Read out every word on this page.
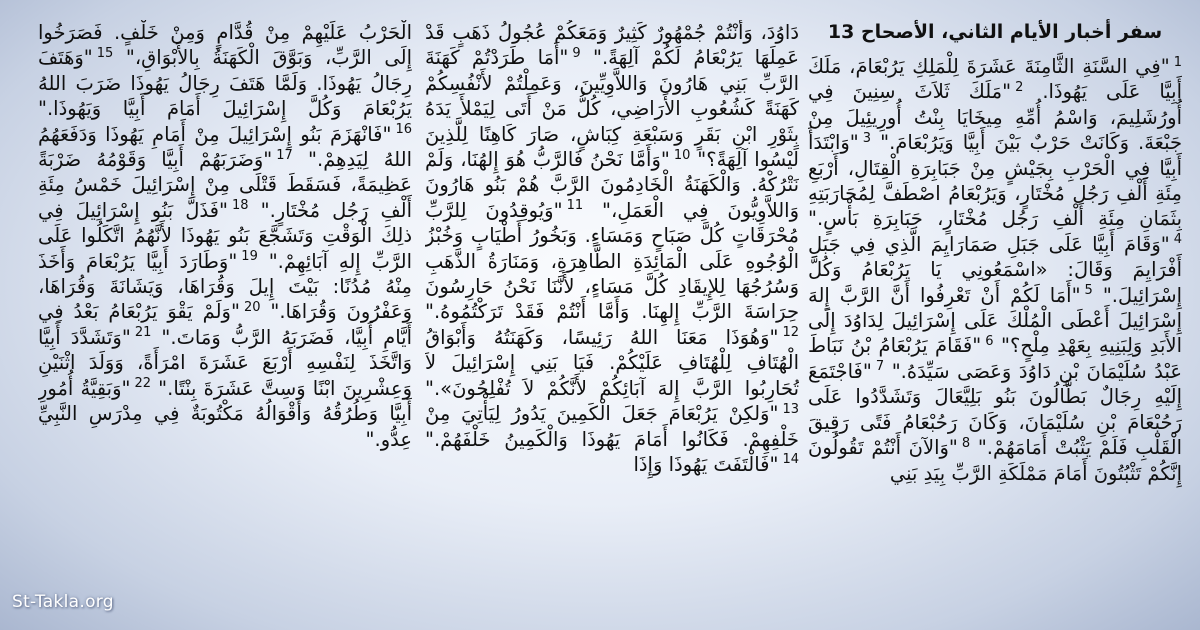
سفر أخبار الأيام الثاني، الأصحاح 13
$^1$"فِي السَّنَةِ الثَّامِنَةَ عَشَرَةَ لِلْمَلِكِ يَرُبْعَامَ، مَلَكَ أَبِيَّا عَلَى يَهُوذَا. $^2$"مَلَكَ ثَلاَثَ سِنِينَ فِي أُورُشَلِيمَ، وَاسْمُ أُمِّهِ مِيخَايَا بِنْتُ أُورِيئِيلَ مِنْ جَبْعَةَ. وَكَانَتْ حَرْبٌ بَيْنَ أَبِيَّا وَيَرُبْعَامَ." $^3$"وَابْتَدَأَ أَبِيَّا فِي الْحَرْبِ بِجَيْشٍ مِنْ جَبَابِرَةِ الْقِتَالِ، أَرْبَعِ مِئَةِ أَلْفِ رَجُل مُخْتَارٍ، وَيَرُبْعَامُ اصْطَفَّ لِمُحَارَبَتِهِ بِثَمَانِ مِئَةِ أَلْفِ رَجُل مُخْتَارٍ، جَبَابِرَةِ بَأْسٍ." $^4$"وَقَامَ أَبِيَّا عَلَى جَبَلِ صَمَارَايِمَ الَّذِي فِي جَبَلِ أَفْرَايِمَ وَقَالَ: «اسْمَعُونِي يَا يَرُبْعَامُ وَكُلَّ إِسْرَائِيلَ." $^5$"أَمَا لَكُمْ أَنْ تَعْرِفُوا أَنَّ الرَّبَّ إِلهَ إِسْرَائِيلَ أَعْطَى الْمُلْكَ عَلَى إِسْرَائِيلَ لِدَاوُدَ إِلَى الأَبَدِ وَلِبَنِيهِ بِعَهْدِ مِلْحٍ؟" $^6$"فَقَامَ يَرُبْعَامُ بْنُ نَبَاطَ عَبْدُ سُلَيْمَانَ بْنِ دَاوُدَ وَعَصَى سَيِّدَهُ." $^7$"فَاجْتَمَعَ إِلَيْهِ رِجَالٌ بَطَّالُونَ بَنُو بَلِيَّعَالَ وَتَشَدَّدُوا عَلَى رَحُبْعَامَ بْنِ سُلَيْمَانَ، وَكَانَ رَحُبْعَامُ فَتًى رَقِيقَ الْقَلْبِ فَلَمْ يَثْبُتْ أَمَامَهُمْ." $^8$"وَالآنَ أَنْتُمْ تَقُولُونَ إِنَّكُمْ تَثْبُتُونَ أَمَامَ مَمْلَكَةِ الرَّبِّ بِيَدِ بَنِي
دَاوُدَ، وَأَنْتُمْ جُمْهُورٌ كَثِيرٌ وَمَعَكُمْ عُجُولُ ذَهَبٍ قَدْ عَمِلَهَا يَرُبْعَامُ لَكُمْ آلِهَةً." $^9$"أَمَا طَرَدْتُمْ كَهَنَةَ الرَّبِّ بَنِي هَارُونَ وَاللاَّوِيِّينَ، وَعَمِلْتُمْ لأَنْفُسِكُمْ كَهَنَةً كَشُعُوبِ الأَرَاضِي، كُلُّ مَنْ أَتَى لِيَمْلأَ يَدَهُ بِثَوْرِ ابْنِ بَقَرٍ وَسَبْعَةِ كِبَاشٍ، صَارَ كَاهِنًا لِلَّذِينَ لَيْسُوا آلِهَةً؟" $^{10}$"وَأَمَّا نَحْنُ فَالرَّبُّ هُوَ إِلهُنَا، وَلَمْ نَتْرُكْهُ. وَالْكَهَنَةُ الْخَادِمُونَ الرَّبَّ هُمْ بَنُو هَارُونَ وَاللاَّوِيُّونَ فِي الْعَمَلِ،" $^{11}$"وَيُوقِدُونَ لِلرَّبِّ مُحْرَقَاتٍ كُلَّ صَبَاحٍ وَمَسَاءٍ. وَبَخُورُ أَطْيَابٍ وَخُبْزُ الْوُجُوهِ عَلَى الْمَائِدَةِ الطَّاهِرَةِ، وَمَنَارَةُ الذَّهَبِ وَسُرُجُهَا لِلإِيقَادِ كُلَّ مَسَاءٍ، لأَنَّنَا نَحْنُ حَارِسُونَ حِرَاسَةَ الرَّبِّ إِلهِنَا. وَأَمَّا أَنْتُمْ فَقَدْ تَرَكْتُمُوهُ." $^{12}$"وَهُوَذَا مَعَنَا اللهُ رَئِيسًا، وَكَهَنَتُهُ وَأَبْوَاقُ الْهُتَافِ لِلْهُتَافِ عَلَيْكُمْ. فَيَا بَنِي إِسْرَائِيلَ لاَ تُحَارِبُوا الرَّبَّ إِلهَ آبَائِكُمْ لأَنَّكُمْ لاَ تُفْلِحُونَ»." $^{13}$"وَلكِنْ يَرُبْعَامَ جَعَلَ الْكَمِينَ يَدُورُ لِيَأْتِيَ مِنْ خَلْفِهِمْ. فَكَانُوا أَمَامَ يَهُوذَا وَالْكَمِينُ خَلْفَهُمْ." $^{14}$"فَالْتَفَتَ يَهُوذَا وَإِذَا
الْحَرْبُ عَلَيْهِمْ مِنْ قُدَّامٍ وَمِنْ خَلْفٍ. فَصَرَخُوا إِلَى الرَّبِّ، وَبَوَّقَ الْكَهَنَةُ بِالأَبْوَاقِ،" $^{15}$"وَهَتَفَ رِجَالُ يَهُوذَا. وَلَمَّا هَتَفَ رِجَالُ يَهُوذَا ضَرَبَ اللهُ يَرُبْعَامَ وَكُلَّ إِسْرَائِيلَ أَمَامَ أَبِيَّا وَيَهُوذَا." $^{16}$"فَانْهَزَمَ بَنُو إِسْرَائِيلَ مِنْ أَمَامِ يَهُوذَا وَدَفَعَهُمُ اللهُ لِيَدِهِمْ." $^{17}$"وَضَرَبَهُمْ أَبِيَّا وَقَوْمُهُ ضَرْبَةً عَظِيمَةً، فَسَقَطَ قَتْلَى مِنْ إِسْرَائِيلَ خَمْسُ مِئَةِ أَلْفِ رَجُل مُخْتَارٍ." $^{18}$"فَذَلَّ بَنُو إِسْرَائِيلَ فِي ذلِكَ الْوَقْتِ وَتَشَجَّعَ بَنُو يَهُوذَا لأَنَّهُمُ اتَّكَلُوا عَلَى الرَّبِّ إِلهِ آبَائِهِمْ." $^{19}$"وَطَارَدَ أَبِيَّا يَرُبْعَامَ وَأَخَذَ مِنْهُ مُدُنًا: بَيْتَ إِيلَ وَقُرَاهَا، وَيَشَانَةَ وَقُرَاهَا، وَعَفْرُونَ وَقُرَاهَا." $^{20}$"وَلَمْ يَقْوَ يَرُبْعَامُ بَعْدُ فِي أَيَّامِ أَبِيَّا، فَضَرَبَهُ الرَّبُّ وَمَاتَ." $^{21}$"وَتَشَدَّدَ أَبِيَّا وَاتَّخَذَ لِنَفْسِهِ أَرْبَعَ عَشَرَةَ امْرَأَةً، وَوَلَدَ اثْنَيْنِ وَعِشْرِينَ ابْنًا وَسِتَّ عَشَرَةَ بِنْتًا." $^{22}$"وَبَقِيَّةُ أُمُورِ أَبِيَّا وَطُرُقُهُ وَأَقْوَالُهُ مَكْتُوبَةٌ فِي مِدْرَسِ النَّبِيِّ عِدُّو."
St-Takla.org
